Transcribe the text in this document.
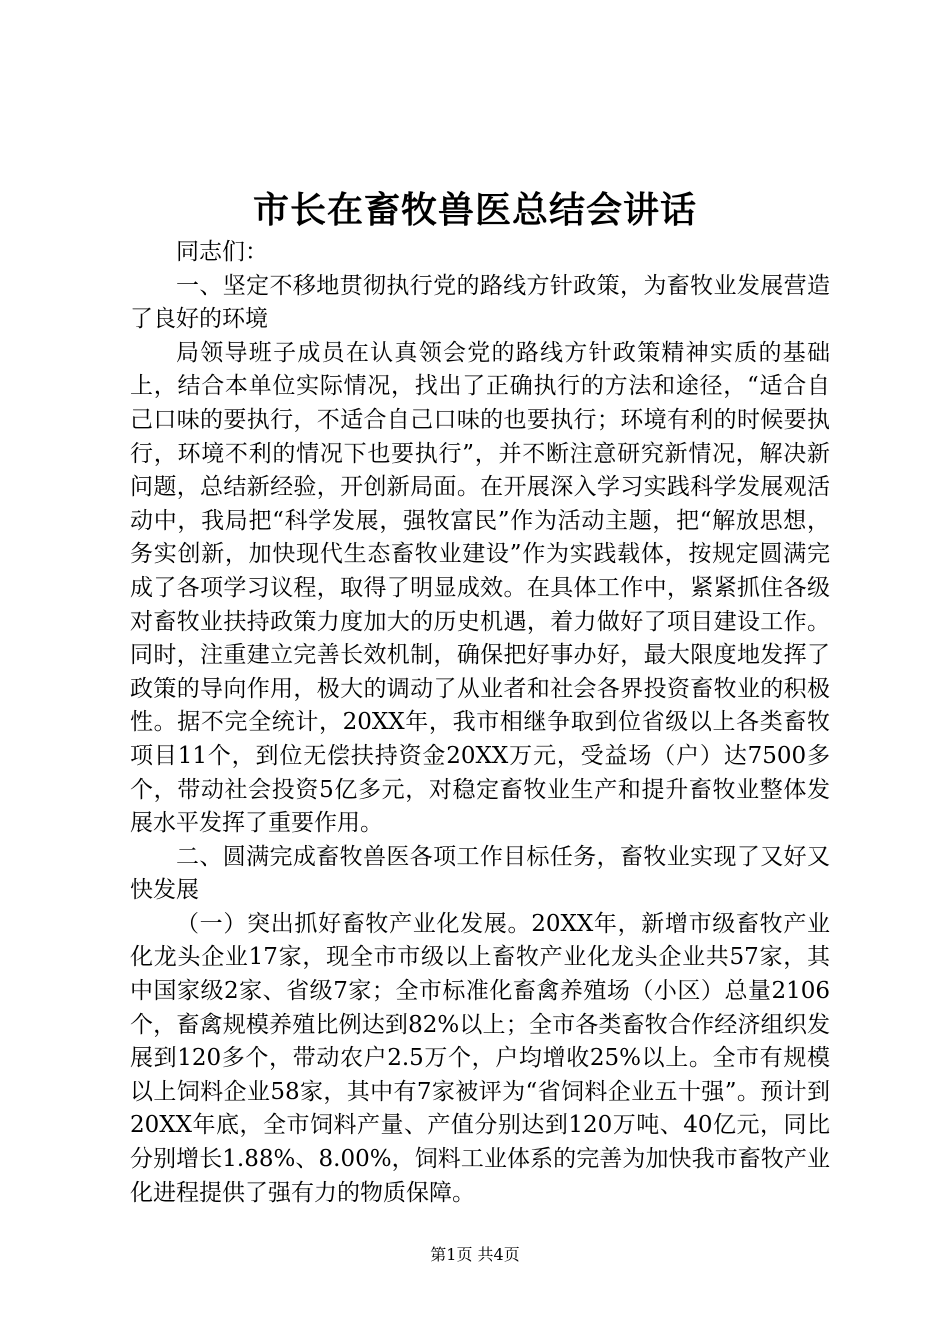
市长在畜牧兽医总结会讲话

同志们：

一、坚定不移地贯彻执行党的路线方针政策，为畜牧业发展营造了良好的环境

局领导班子成员在认真领会党的路线方针政策精神实质的基础上，结合本单位实际情况，找出了正确执行的方法和途径，“适合自己口味的要执行，不适合自己口味的也要执行；环境有利的时候要执行，环境不利的情况下也要执行”，并不断注意研究新情况，解决新问题，总结新经验，开创新局面。在开展深入学习实践科学发展观活动中，我局把“科学发展，强牧富民”作为活动主题，把“解放思想，务实创新，加快现代生态畜牧业建设”作为实践载体，按规定圆满完成了各项学习议程，取得了明显成效。在具体工作中，紧紧抓住各级对畜牧业扶持政策力度加大的历史机遇，着力做好了项目建设工作。同时，注重建立完善长效机制，确保把好事办好，最大限度地发挥了政策的导向作用，极大的调动了从业者和社会各界投资畜牧业的积极性。据不完全统计，20XX年，我市相继争取到位省级以上各类畜牧项目11个，到位无偿扶持资金20XX万元，受益场（户）达7500多个，带动社会投资5亿多元，对稳定畜牧业生产和提升畜牧业整体发展水平发挥了重要作用。

二、圆满完成畜牧兽医各项工作目标任务，畜牧业实现了又好又快发展

（一）突出抓好畜牧产业化发展。20XX年，新增市级畜牧产业化龙头企业17家，现全市市级以上畜牧产业化龙头企业共57家，其中国家级2家、省级7家；全市标准化畜禽养殖场（小区）总量2106个，畜禽规模养殖比例达到82%以上；全市各类畜牧合作经济组织发展到120多个，带动农户2.5万个，户均增收25%以上。全市有规模以上饲料企业58家，其中有7家被评为“省饲料企业五十强”。预计到20XX年底，全市饲料产量、产值分别达到120万吨、40亿元，同比分别增长1.88%、8.00%，饲料工业体系的完善为加快我市畜牧产业化进程提供了强有力的物质保障。

第1页 共4页
